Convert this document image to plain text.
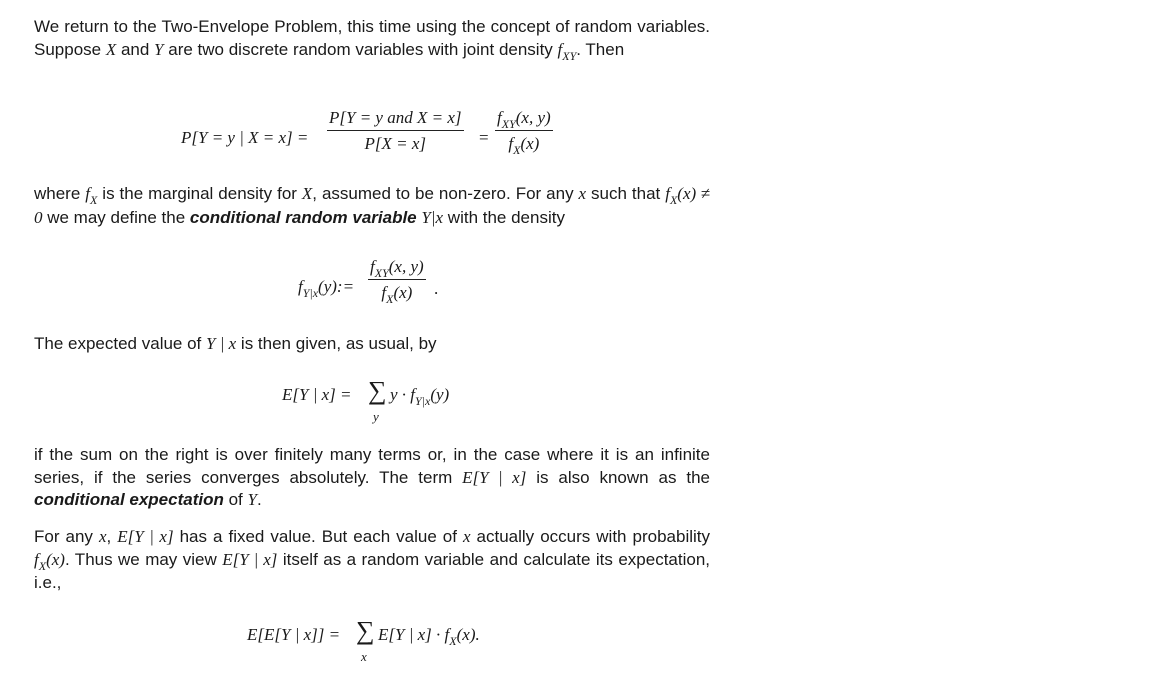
We return to the Two-Envelope Problem, this time using the concept of random variables. Suppose X and Y are two discrete random variables with joint density $f_{XY}$. Then

where $f_X$ is the marginal density for X, assumed to be non-zero. For any x such that $f_X(x) \ne 0$ we may define the conditional random variable Y|x with the density

The expected value of Y | x is then given, as usual, by

if the sum on the right is over finitely many terms or, in the case where it is an infinite series, if the series converges absolutely. The term E[Y | x] is also known as the conditional expectation of Y.

For any x, E[Y | x] has a fixed value. But each value of x actually occurs with probability $f_X(x)$. Thus we may view E[Y | x] itself as a random variable and calculate its expectation, i.e.,

P[Y = y | X = x] =
P[Y = y and X = x]
P[X = x]	=
$f_{XY}(x$, y)
$f_X(x)$
$f_{Y|x}(y):=$
$f_{XY}(x$, y)
$f_X(x)$	.
E[Y | x] = ∑
y
$y \cdot f_{Y|x}(y)$
E[E[Y | x]] = ∑
x
E[Y | $x] \cdot f_X(x)$.
